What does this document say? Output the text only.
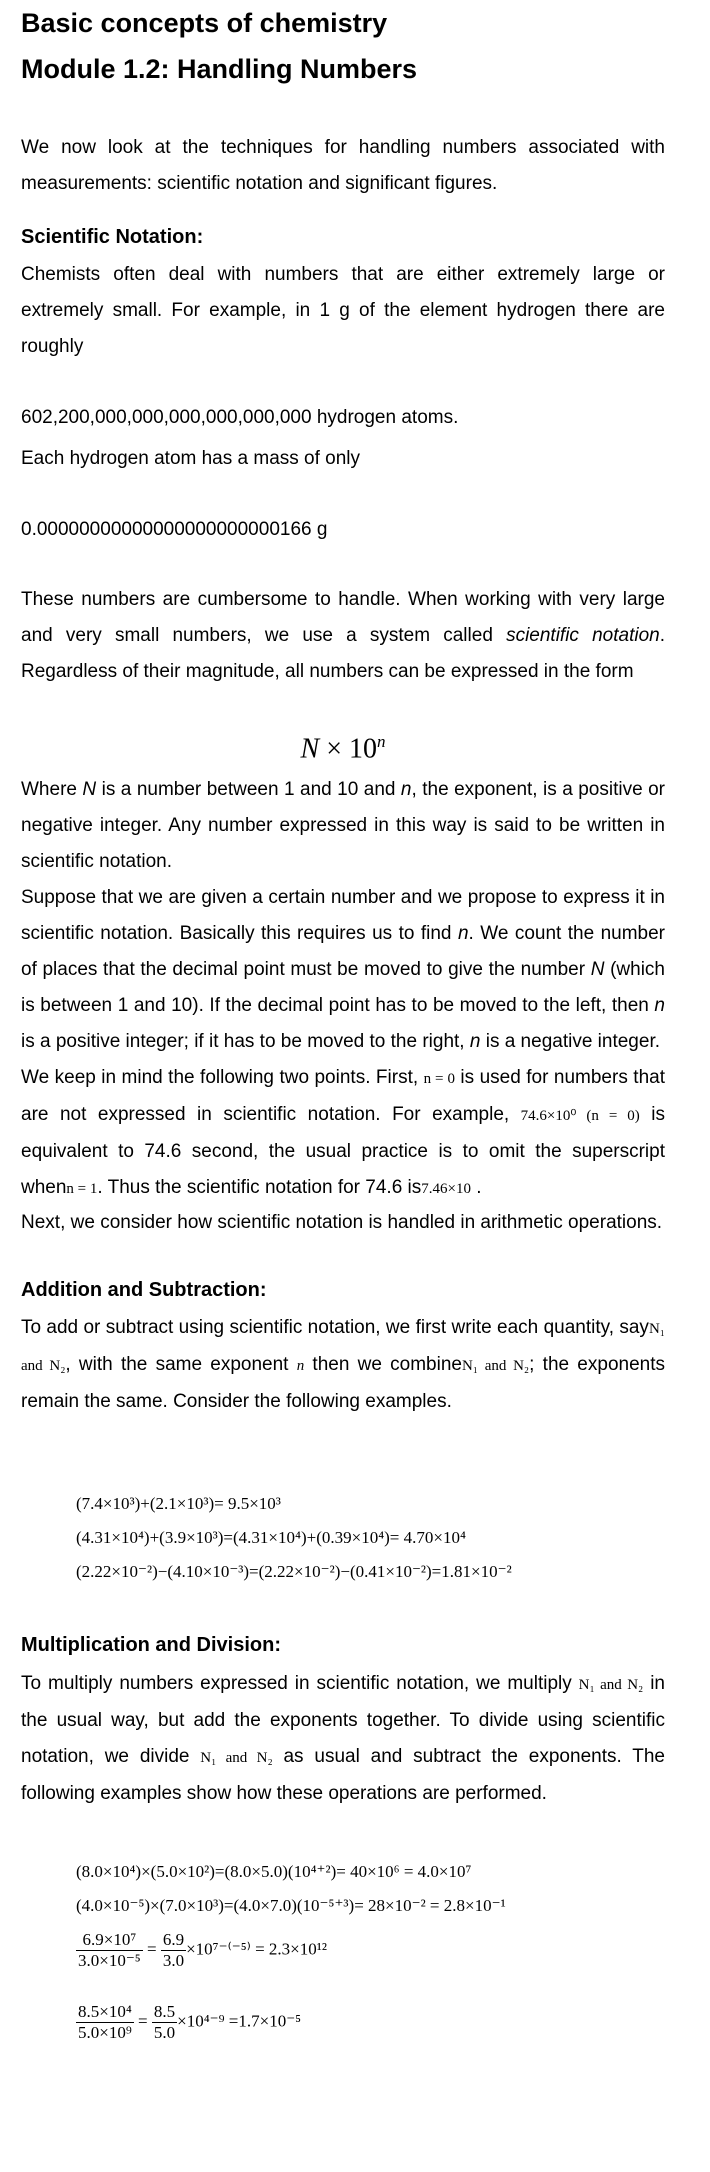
Basic concepts of chemistry
Module 1.2: Handling Numbers

We now look at the techniques for handling numbers associated with measurements: scientific notation and significant figures.

Scientific Notation:

Chemists often deal with numbers that are either extremely large or extremely small. For example, in 1 g of the element hydrogen there are roughly

602,200,000,000,000,000,000,000 hydrogen atoms.

Each hydrogen atom has a mass of only

0.00000000000000000000000166 g

These numbers are cumbersome to handle. When working with very large and very small numbers, we use a system called scientific notation. Regardless of their magnitude, all numbers can be expressed in the form

$N \times 10^n$

Where N is a number between 1 and 10 and n, the exponent, is a positive or negative integer. Any number expressed in this way is said to be written in scientific notation.

Suppose that we are given a certain number and we propose to express it in scientific notation. Basically this requires us to find n. We count the number of places that the decimal point must be moved to give the number N (which is between 1 and 10). If the decimal point has to be moved to the left, then n is a positive integer; if it has to be moved to the right, n is a negative integer.

We keep in mind the following two points. First, n = 0 is used for numbers that are not expressed in scientific notation. For example, 74.6×10⁰ (n = 0) is equivalent to 74.6 second, the usual practice is to omit the superscript whenn = 1. Thus the scientific notation for 74.6 is7.46×10 .

Next, we consider how scientific notation is handled in arithmetic operations.

Addition and Subtraction:

To add or subtract using scientific notation, we first write each quantity, sayN₁ and N₂, with the same exponent n then we combineN₁ and N₂; the exponents remain the same. Consider the following examples.

(7.4×10³)+(2.1×10³)= 9.5×10³
(4.31×10⁴)+(3.9×10³)=(4.31×10⁴)+(0.39×10⁴)= 4.70×10⁴
(2.22×10⁻²)−(4.10×10⁻³)=(2.22×10⁻²)−(0.41×10⁻²)=1.81×10⁻²
Multiplication and Division:

To multiply numbers expressed in scientific notation, we multiply N₁ and N₂ in the usual way, but add the exponents together. To divide using scientific notation, we divide N₁ and N₂ as usual and subtract the exponents. The following examples show how these operations are performed.

(8.0×10⁴)×(5.0×10²)=(8.0×5.0)(10⁴⁺²)= 40×10⁶ = 4.0×10⁷
(4.0×10⁻⁵)×(7.0×10³)=(4.0×7.0)(10⁻⁵⁺³)= 28×10⁻² = 2.8×10⁻¹
$\frac{\text{6.9×10⁷}}{\text{3.0×10⁻⁵}} = \frac{6.9}{3.0} \times 10^{7-(-5)} = 2.3\times 10^{12}$
$\frac{\text{8.5×10⁴}}{\text{5.0×10⁹}} = \frac{8.5}{5.0} \times 10^{4-9} =1.7\times 10^{-5}$
